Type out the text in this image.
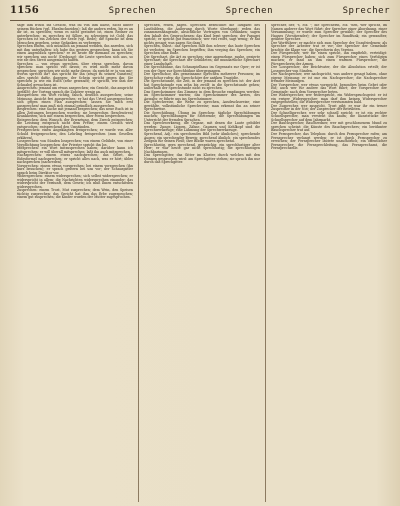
1156	Sprechen	Sprechen	Sprecher

sage ihm frisch ins Gesicht, was du von ihm hältst, nicht hinter seinem Rücken (vgl. Ehrabschneiden); laß die andern reden, bis es an dir ist, zu sprechen; wenn es nicht gestattet ist, einen Redner zu unterbrechen; zu sprechen ist Silber, zu schweigen ist Gold; das Sprechen ist ein Zeichen der Seele (vgl. Rede); die Sprache ist dem Menschen gegeben, seine Gedanken zu verbergen;

Sprechen Einem, sich mündlich an jemand wenden, ihn anreden, sich mit ihm unterhalten: ich habe ihn gestern gesprochen; kann ich Sie einen Augenblick sprechen? er ist heute für niemand zu sprechen; wir sprechen uns noch! (Drohung); die Leute sprechen sich aus, so wie sie den Streit ausgemacht haben.

Sprechen — von etwas sprechen, über etwas sprechen, davon sprechen: man spricht viel davon; es wird nicht mehr davon gesprochen; sprechen wir nicht mehr davon; da spricht er ja von mir; wovon sprecht ihr? das spricht für ihn (zeugt zu seinen Gunsten); alles spricht dafür, dagegen; der Schein spricht gegen ihn; Sie sprechen ja wie ein Buch (sehr gewandt); er spricht, wie ihm der Schnabel gewachsen ist.

Ansprechen: jemand um etwas ansprechen; ein Gesicht, das anspricht (gefällt); der Vortrag sprach die Zuhörer wenig an.

Aussprechen: ein Wort richtig, falsch, deutlich aussprechen; seine Meinung, Ansicht frei aussprechen; er hat das Urteil ausgesprochen; sich gegen einen Plan aussprechen; lassen Sie mich erst aussprechen! man muß sich einmal gründlich aussprechen.

Besprechen: eine Sache mit jemand besprechen; das neue Buch ist in allen Zeitungen besprochen worden; sie besprechen (beschwören) Krankheiten; sich mit einem besprechen, über etwas besprechen.

Entsprechen: dem Wunsch, der Erwartung, dem Zweck entsprechen; die Leistung entsprach nicht dem Preise; einem Gesuch wird entsprochen; entsprechend den Umständen.

Freisprechen: einen Angeklagten freisprechen; er wurde von aller Schuld freigesprochen; den Lehrling freisprechen (zum Gesellen erklären).

Lossprechen: von Sünden lossprechen; von einem Gelübde, von einer Verpflichtung lossprechen; der Priester spricht ihn los.

Mitsprechen: ein Wort mitzusprechen haben; darüber kann ich mitsprechen; er will überall mitsprechen; laßt ihn auch mitsprechen.

Nachsprechen: einem etwas nachsprechen; das Gebet, die Eidesformel nachsprechen; er spricht alles nach, was er hört; übles nachsprechen (nachreden).

Vorsprechen: einem etwas vorsprechen; bei einem vorsprechen (ihn kurz besuchen); er sprach gestern bei uns vor; der Schauspieler sprach beim Direktor vor.

Widersprechen: einem widersprechen; sich selbst widersprechen; er widerspricht in allem; die Nachrichten widersprechen einander; das widerspricht der Vernunft, dem Gesetz; ich muß Ihnen entschieden widersprechen.

Zusprechen: einem Trost, Mut zusprechen; dem Wein, den Speisen tüchtig zusprechen; das Gericht hat ihm das Erbe zugesprochen; einem gut zusprechen; die Kinder wurden der Mutter zugesprochen.

Sprechen, reden, sagen. Sprechen bezeichnet die Tätigkeit des Lautbildens, die Äußerung durch Worte überhaupt; reden das zusammenhängende, absichtliche Vortragen von Gedanken; sagen den Inhalt des Gesprochenen: das Kind lernt sprechen; der Papagei spricht; er spricht gut französisch; wer viel redet, sagt wenig; er hat nichts gesagt; was sagen Sie dazu?

Sprechen, Subst.: das Sprechen fällt ihm schwer; das laute Sprechen ist verboten; im Sprechen begriffen; ihm verging das Sprechen; ein Sprechen ohne Ende.

Die Sprechart, die Art zu sprechen; eine angenehme, rauhe, gezierte Sprechart; die Sprechart der Gebildeten; die mundartliche Sprechart einer Landschaft.

Die Sprechbühne, das Schauspielhaus im Gegensatz zur Oper; er ist von der Oper zur Sprechbühne übergegangen.

Der Sprechchor, das gemeinsame Sprechen mehrerer Personen; im Sprechchor rufen; die Sprechchöre der antiken Tragödie.

Die Sprechstunde, die Zeit, in der jemand zu sprechen ist: der Arzt hat Sprechstunde von zehn bis zwölf; in die Sprechstunde gehen; außerhalb der Sprechstunde nicht zu sprechen.

Das Sprechzimmer, das Zimmer, in dem Besuche empfangen werden: im Sprechzimmer warten; das Sprechzimmer des Arztes, des Anwalts; er führte uns ins Sprechzimmer.

Die Sprechweise, die Weise zu sprechen, Ausdrucksweise; eine gewählte, volkstümliche Sprechweise; man erkennt ihn an seiner Sprechweise.

Die Sprechübung, Übung im Sprechen: tägliche Sprechübungen machen; Sprechübungen für Stotternde; die Sprechübungen im Unterricht der fremden Sprachen.

Das Sprechwerkzeug, die Organe, mit denen die Laute gebildet werden: Zunge, Lippen, Zähne, Gaumen und Kehlkopf sind die Sprechwerkzeuge; eine Lähmung der Sprechwerkzeuge.

Sprechend, Adj.: ein sprechendes Bild (sehr ähnliches); sprechende Augen; ein sprechender Beweis; sprechend ähnlich; ein sprechendes Zeugnis für seinen Fleiß; ihre Blicke waren sprechend.

Sprechlustig, gern sprechend, gesprächig: ein sprechlustiger alter Herr; er war heute gar nicht sprechlustig; die sprechlustigen Nachbarinnen.

Das Sprechgitter, das Gitter im Kloster, durch welches mit den Nonnen gesprochen wird: am Sprechgitter stehen; sie sprach ihn nur durch das Sprechgitter.

Sprecher, der, -s, Mz. -; die Sprecherin, Mz. -nen, wer spricht, im Namen anderer das Wort führt: der Sprecher einer Abordnung, einer Versammlung; er wurde zum Sprecher gewählt; der Sprecher des Hauses (Vorsitzender); der Sprecher im Rundfunk; ein gewandter, geübter Sprecher.

Der Wortführer: er machte sich zum Sprecher der Unzufriedenen; als Sprecher der Arbeiter trat er vor; der Sprecher der Gemeinde brachte die Klage vor; die Sprecherin des Vereins.

Der Fürsprecher, wer für einen spricht, ihn empfiehlt, verteidigt: einen Fürsprecher haben; sich zum Fürsprecher eines Verfolgten machen; er fand an ihm einen warmen Fürsprecher; die Fürsprecherin der Armen.

Der Lossprecher, der Beichtvater, der die Absolution erteilt; der Lossprecher von Sünden.

Der Nachsprecher, wer nachspricht, was andere gesagt haben, ohne eigene Meinung: er ist nur ein Nachsprecher; die Nachsprecher fremder Meinungen.

Der Vorsprecher, wer etwas vorspricht, besonders beim Gebet oder Eid; auch wer für andere das Wort führt; der Vorsprecher der Gemeinde; nach dem Vorsprecher beten.

Der Widersprecher, wer widerspricht, ein Widerspruchsgeist: er ist ein ewiger Widersprecher; man darf ihm keinen Widersprecher entgegenstellen; die Widersprecher verstummten bald.

Der Zusprecher, wer zuspricht, Trost gibt: er war ihr ein treuer Zusprecher in der Not; der Zusprecher der Betrübten.

Der Schnellsprecher, wer sehr schnell spricht: er ist ein rechter Schnellsprecher, man versteht ihn kaum; die Kunststücke der Schnellsprecher auf dem Jahrmarkt.

Der Bauchsprecher, Bauchredner, wer mit geschlossenem Mund zu sprechen scheint: die Künste des Bauchsprechers; ein berühmter Bauchsprecher trat auf.

Der Fernsprecher, das Telephon: durch den Fernsprecher rufen; am Fernsprecher verlangt werden; er ist durch Fernsprecher zu erreichen; der Fernsprecher läutete unaufhörlich; ein öffentlicher Fernsprecher; die Fernsprechleitung, das Fernsprechamt, die Fernsprechzelle.
